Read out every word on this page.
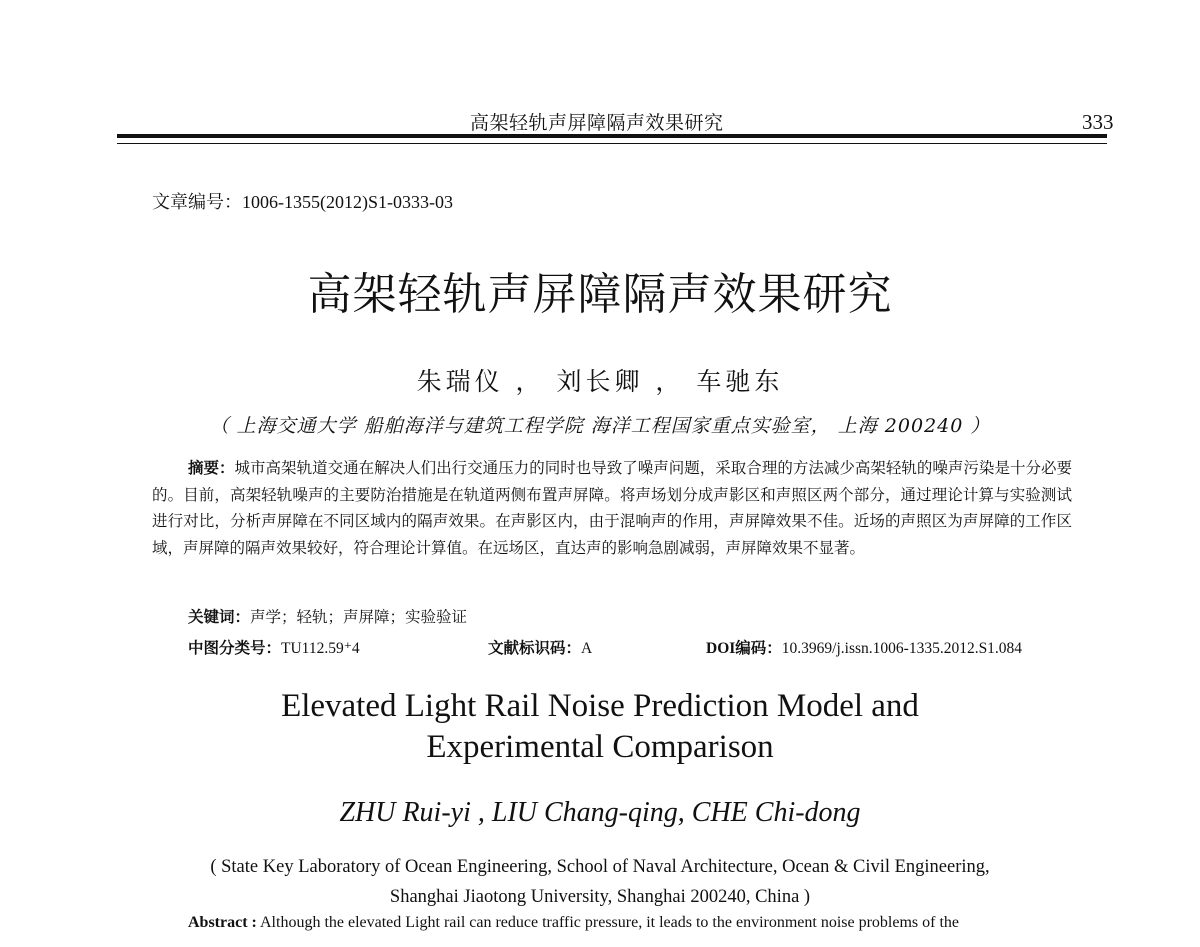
高架轻轨声屏障隔声效果研究	333
文章编号：1006-1355(2012)S1-0333-03
高架轻轨声屏障隔声效果研究
朱瑞仪 ， 刘长卿 ， 车驰东
（ 上海交通大学 船舶海洋与建筑工程学院 海洋工程国家重点实验室， 上海 200240 ）
摘要：城市高架轨道交通在解决人们出行交通压力的同时也导致了噪声问题，采取合理的方法减少高架轻轨的噪声污染是十分必要的。目前，高架轻轨噪声的主要防治措施是在轨道两侧布置声屏障。将声场划分成声影区和声照区两个部分，通过理论计算与实验测试进行对比，分析声屏障在不同区域内的隔声效果。在声影区内，由于混响声的作用，声屏障效果不佳。近场的声照区为声屏障的工作区域，声屏障的隔声效果较好，符合理论计算值。在远场区，直达声的影响急剧减弱，声屏障效果不显著。
关键词：声学；轻轨；声屏障；实验验证
中图分类号：TU112.59⁺4	文献标识码：A	DOI编码：10.3969/j.issn.1006-1335.2012.S1.084
Elevated Light Rail Noise Prediction Model and
Experimental Comparison
ZHU Rui-yi , LIU Chang-qing, CHE Chi-dong
( State Key Laboratory of Ocean Engineering, School of Naval Architecture, Ocean & Civil Engineering,
Shanghai Jiaotong University, Shanghai 200240, China )
Abstract : Although the elevated Light rail can reduce traffic pressure, it leads to the environment noise problems of the
